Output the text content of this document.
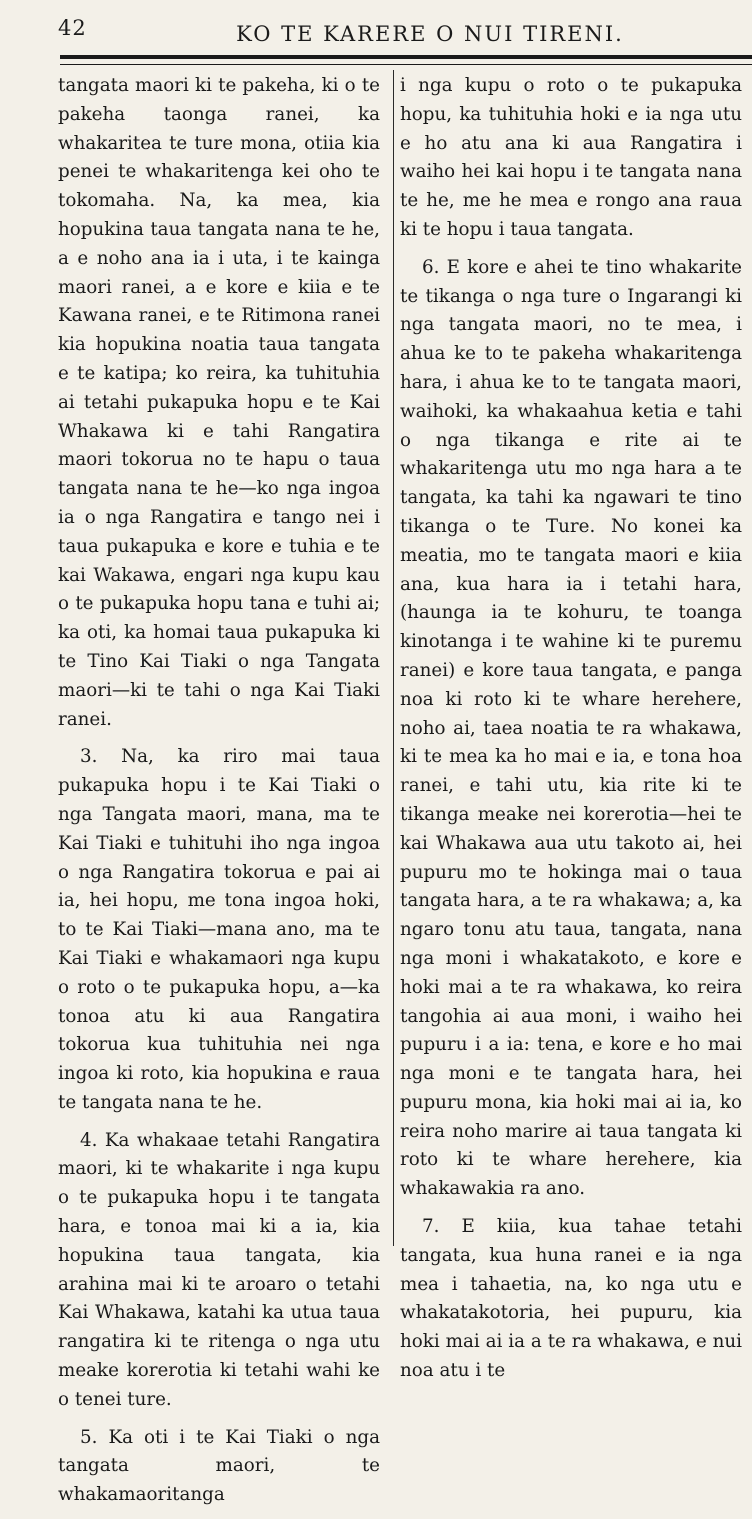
42	KO TE KARERE O NUI TIRENI.

tangata maori ki te pakeha, ki o te pakeha taonga ranei, ka whakaritea te ture mona, otiia kia penei te whakaritenga kei oho te tokomaha. Na, ka mea, kia hopukina taua tangata nana te he, a e noho ana ia i uta, i te kainga maori ranei, a e kore e kiia e te Kawana ranei, e te Ritimona ranei kia hopukina noatia taua tangata e te katipa; ko reira, ka tuhituhia ai tetahi pukapuka hopu e te Kai Whakawa ki e tahi Rangatira maori tokorua no te hapu o taua tangata nana te he—ko nga ingoa ia o nga Rangatira e tango nei i taua pukapuka e kore e tuhia e te kai Wakawa, engari nga kupu kau o te pukapuka hopu tana e tuhi ai; ka oti, ka homai taua pukapuka ki te Tino Kai Tiaki o nga Tangata maori—ki te tahi o nga Kai Tiaki ranei.

3. Na, ka riro mai taua pukapuka hopu i te Kai Tiaki o nga Tangata maori, mana, ma te Kai Tiaki e tuhituhi iho nga ingoa o nga Rangatira tokorua e pai ai ia, hei hopu, me tona ingoa hoki, to te Kai Tiaki—mana ano, ma te Kai Tiaki e whakamaori nga kupu o roto o te pukapuka hopu, a—ka tonoa atu ki aua Rangatira tokorua kua tuhituhia nei nga ingoa ki roto, kia hopukina e raua te tangata nana te he.

4. Ka whakaae tetahi Rangatira maori, ki te whakarite i nga kupu o te pukapuka hopu i te tangata hara, e tonoa mai ki a ia, kia hopukina taua tangata, kia arahina mai ki te aroaro o tetahi Kai Whakawa, katahi ka utua taua rangatira ki te ritenga o nga utu meake korerotia ki tetahi wahi ke o tenei ture.

5. Ka oti i te Kai Tiaki o nga tangata maori, te whakamaoritanga

i nga kupu o roto o te pukapuka hopu, ka tuhituhia hoki e ia nga utu e ho atu ana ki aua Rangatira i waiho hei kai hopu i te tangata nana te he, me he mea e rongo ana raua ki te hopu i taua tangata.

6. E kore e ahei te tino whakarite te tikanga o nga ture o Ingarangi ki nga tangata maori, no te mea, i ahua ke to te pakeha whakaritenga hara, i ahua ke to te tangata maori, waihoki, ka whakaahua ketia e tahi o nga tikanga e rite ai te whakaritenga utu mo nga hara a te tangata, ka tahi ka ngawari te tino tikanga o te Ture. No konei ka meatia, mo te tangata maori e kiia ana, kua hara ia i tetahi hara, (haunga ia te kohuru, te toanga kinotanga i te wahine ki te puremu ranei) e kore taua tangata, e panga noa ki roto ki te whare herehere, noho ai, taea noatia te ra whakawa, ki te mea ka ho mai e ia, e tona hoa ranei, e tahi utu, kia rite ki te tikanga meake nei korerotia—hei te kai Whakawa aua utu takoto ai, hei pupuru mo te hokinga mai o taua tangata hara, a te ra whakawa; a, ka ngaro tonu atu taua, tangata, nana nga moni i whakatakoto, e kore e hoki mai a te ra whakawa, ko reira tangohia ai aua moni, i waiho hei pupuru i a ia: tena, e kore e ho mai nga moni e te tangata hara, hei pupuru mona, kia hoki mai ai ia, ko reira noho marire ai taua tangata ki roto ki te whare herehere, kia whakawakia ra ano.

7. E kiia, kua tahae tetahi tangata, kua huna ranei e ia nga mea i tahaetia, na, ko nga utu e whakatakotoria, hei pupuru, kia hoki mai ai ia a te ra whakawa, e nui noa atu i te
